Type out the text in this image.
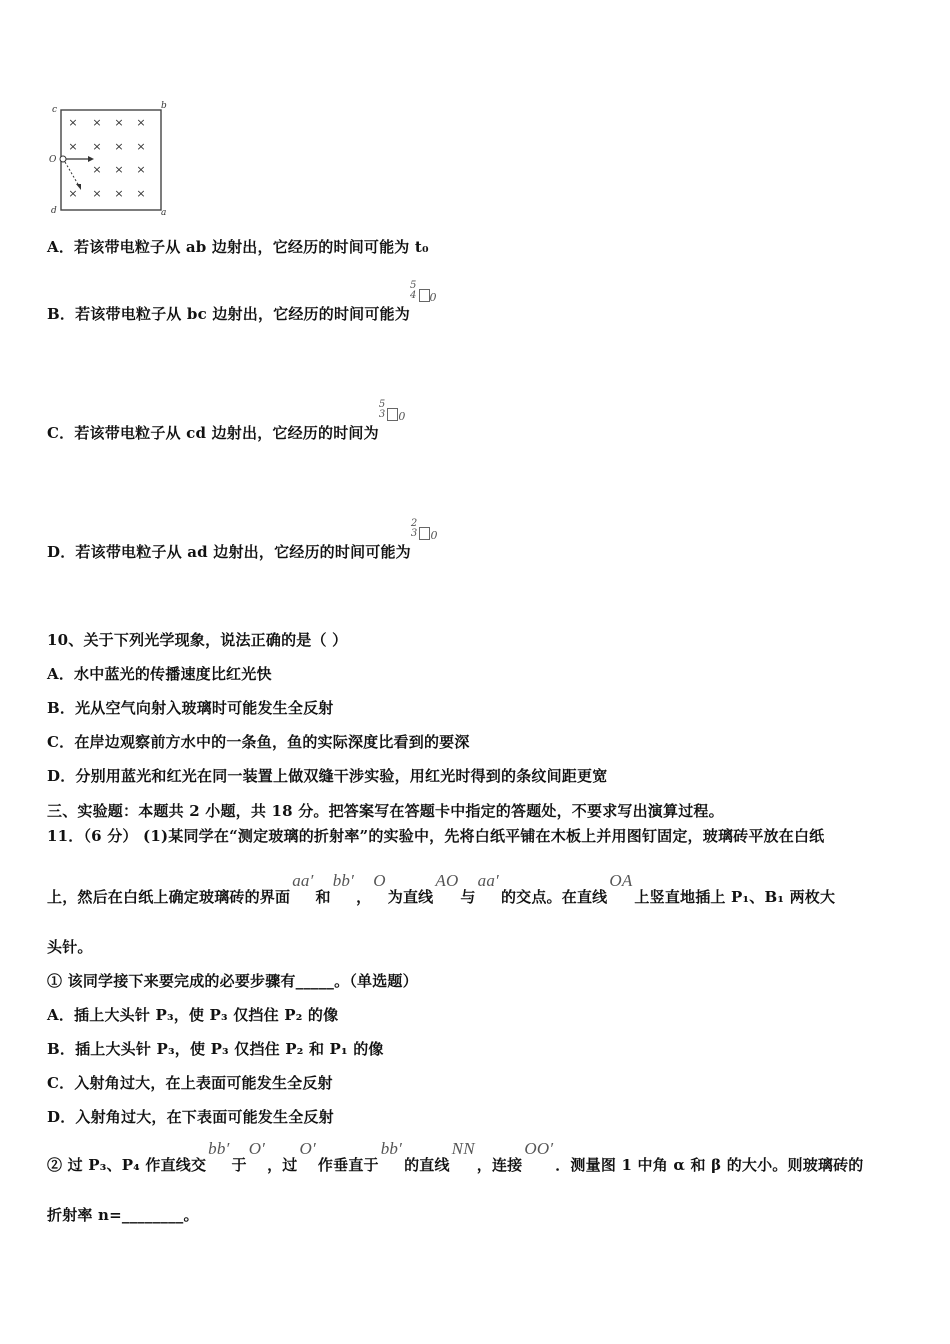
× × × ×
× × × ×
× × ×
× × ×
×
c	b
O
d	a
A．若该带电粒子从 ab 边射出，它经历的时间可能为 t₀
B．若该带电粒子从 bc 边射出，它经历的时间可能为
5
4 $^0$
C．若该带电粒子从 cd 边射出，它经历的时间为
5
3 $^0$
D．若该带电粒子从 ad 边射出，它经历的时间可能为
2
3 $^0$
10、关于下列光学现象，说法正确的是（ ）
A．水中蓝光的传播速度比红光快
B．光从空气向射入玻璃时可能发生全反射
C．在岸边观察前方水中的一条鱼，鱼的实际深度比看到的要深
D．分别用蓝光和红光在同一装置上做双缝干涉实验，用红光时得到的条纹间距更宽
三、实验题：本题共 2 小题，共 18 分。把答案写在答题卡中指定的答题处，不要求写出演算过程。
11．（6 分） (1)某同学在“测定玻璃的折射率”的实验中，先将白纸平铺在木板上并用图钉固定，玻璃砖平放在白纸
上，然后在白纸上确定玻璃砖的界面aa′和bb′，O为直线AO与aa′的交点。在直线OA上竖直地插上 P₁、B₁ 两枚大
头针。
① 该同学接下来要完成的必要步骤有_____。（单选题）
A．插上大头针 P₃，使 P₃ 仅挡住 P₂ 的像
B．插上大头针 P₃，使 P₃ 仅挡住 P₂ 和 P₁ 的像
C．入射角过大，在上表面可能发生全反射
D．入射角过大，在下表面可能发生全反射
② 过 P₃、P₄ 作直线交bb′于O′，过O′作垂直于bb′的直线NN，连接OO′．测量图 1 中角 α 和 β 的大小。则玻璃砖的
折射率 n=________。
